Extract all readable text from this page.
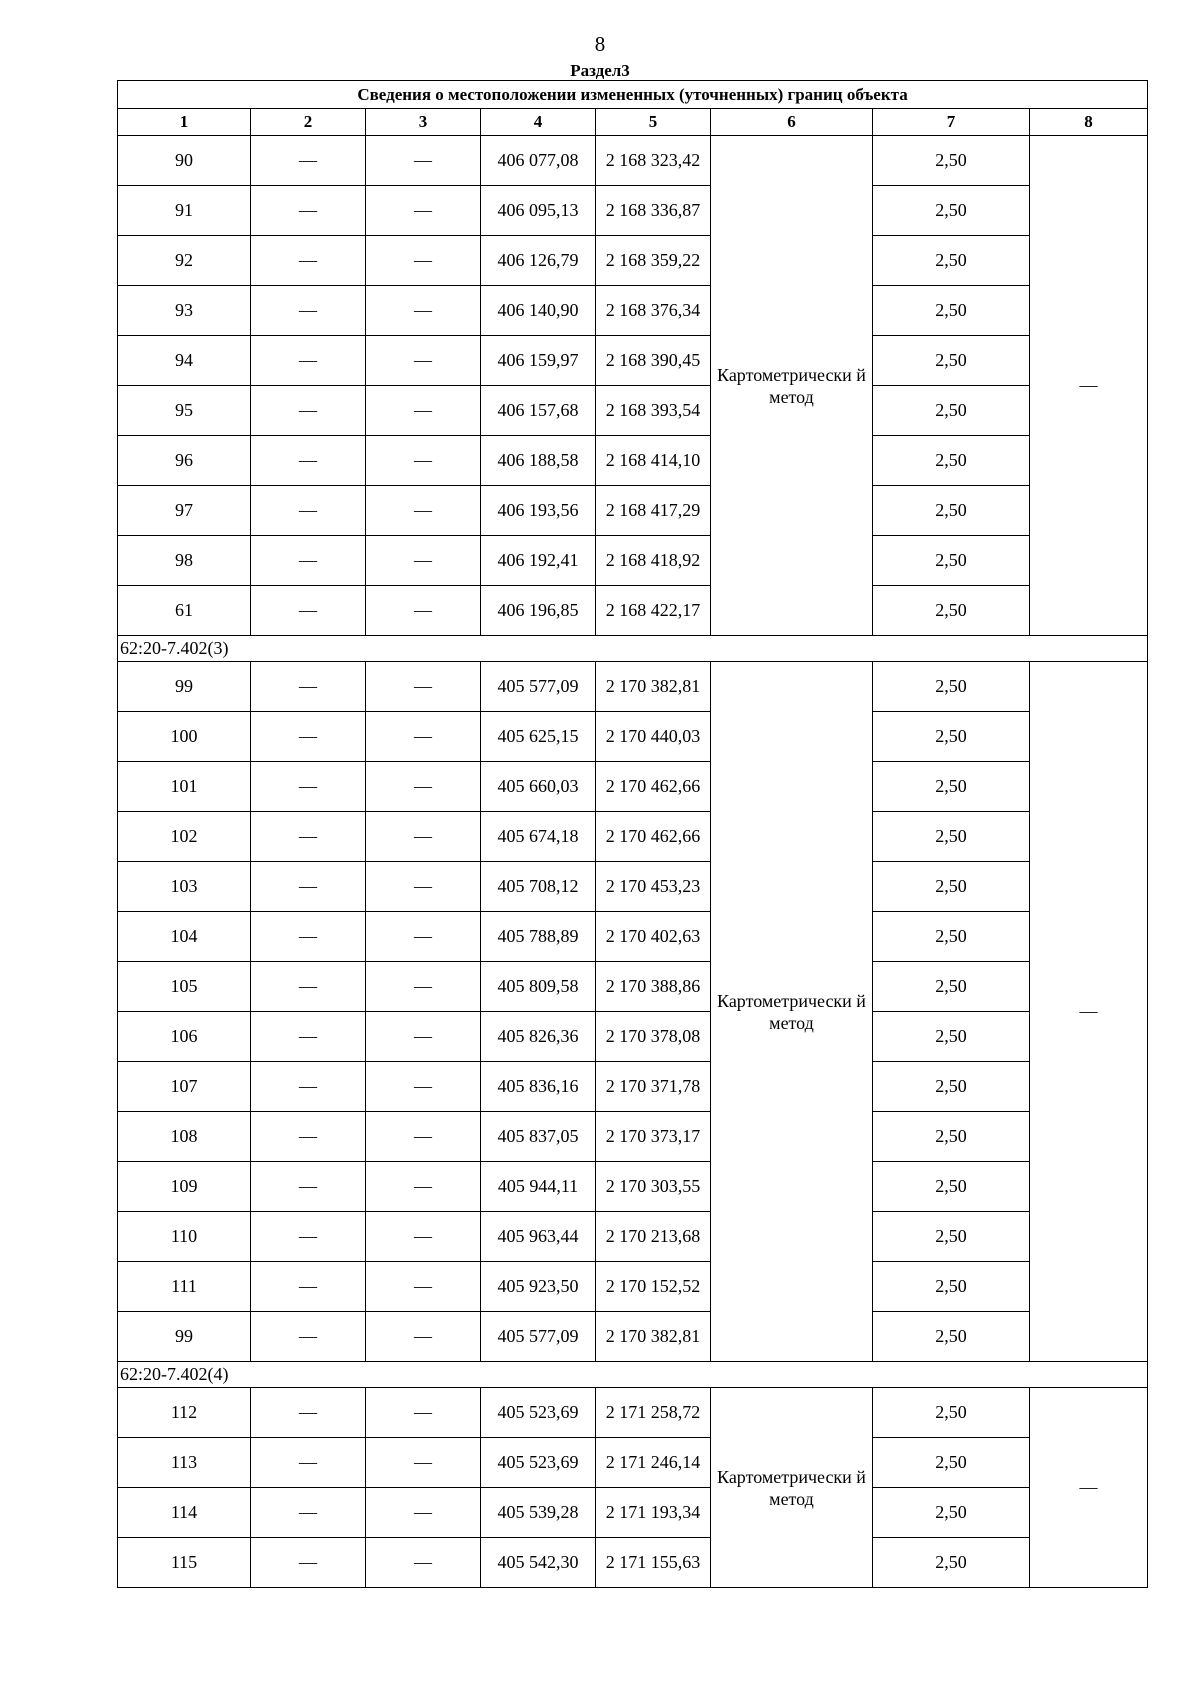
8
Раздел3
Сведения о местоположении измененных (уточненных) границ объекта							
1	2	3	4	5	6	7	8
90	—	—	406 077,08	2 168 323,42	Картометрически й метод	2,50	—
91	—	—	406 095,13	2 168 336,87		2,50	
92	—	—	406 126,79	2 168 359,22		2,50	
93	—	—	406 140,90	2 168 376,34		2,50	
94	—	—	406 159,97	2 168 390,45		2,50	
95	—	—	406 157,68	2 168 393,54		2,50	
96	—	—	406 188,58	2 168 414,10		2,50	
97	—	—	406 193,56	2 168 417,29		2,50	
98	—	—	406 192,41	2 168 418,92		2,50	
61	—	—	406 196,85	2 168 422,17		2,50	
62:20-7.402(3)							
99	—	—	405 577,09	2 170 382,81	Картометрически й метод	2,50	—
100	—	—	405 625,15	2 170 440,03		2,50	
101	—	—	405 660,03	2 170 462,66		2,50	
102	—	—	405 674,18	2 170 462,66		2,50	
103	—	—	405 708,12	2 170 453,23		2,50	
104	—	—	405 788,89	2 170 402,63		2,50	
105	—	—	405 809,58	2 170 388,86		2,50	
106	—	—	405 826,36	2 170 378,08		2,50	
107	—	—	405 836,16	2 170 371,78		2,50	
108	—	—	405 837,05	2 170 373,17		2,50	
109	—	—	405 944,11	2 170 303,55		2,50	
110	—	—	405 963,44	2 170 213,68		2,50	
111	—	—	405 923,50	2 170 152,52		2,50	
99	—	—	405 577,09	2 170 382,81		2,50	
62:20-7.402(4)							
112	—	—	405 523,69	2 171 258,72	Картометрически й метод	2,50	—
113	—	—	405 523,69	2 171 246,14		2,50	
114	—	—	405 539,28	2 171 193,34		2,50	
115	—	—	405 542,30	2 171 155,63		2,50	
